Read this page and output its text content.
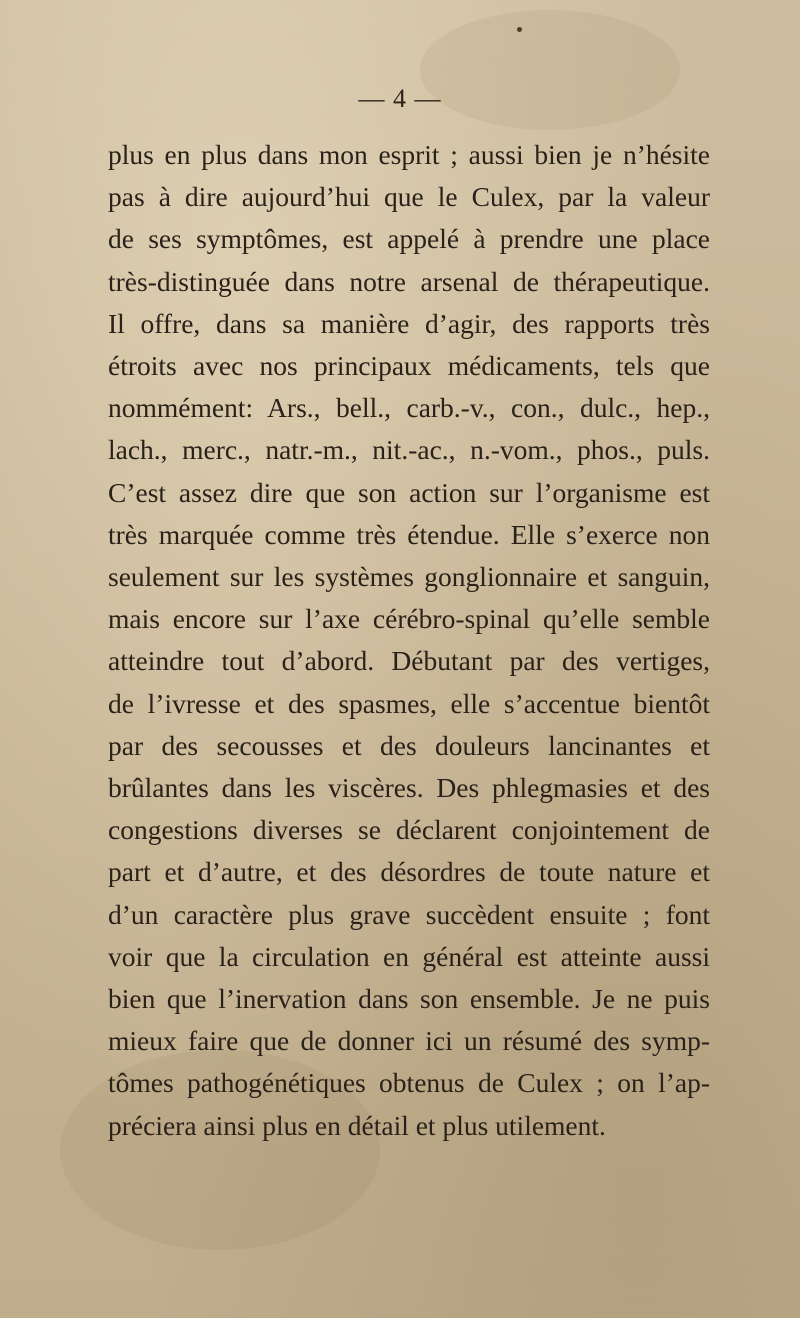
— 4 —
plus en plus dans mon esprit ; aussi bien je n’hésite
pas à dire aujourd’hui que le Culex, par la valeur
de ses symptômes, est appelé à prendre une place
très-distinguée dans notre arsenal de thérapeutique.
Il offre, dans sa manière d’agir, des rapports très
étroits avec nos principaux médicaments, tels que
nommément: Ars., bell., carb.-v., con., dulc., hep.,
lach., merc., natr.-m., nit.-ac., n.-vom., phos., puls.
C’est assez dire que son action sur l’organisme est
très marquée comme très étendue. Elle s’exerce non
seulement sur les systèmes gonglionnaire et sanguin,
mais encore sur l’axe cérébro-spinal qu’elle semble
atteindre tout d’abord. Débutant par des vertiges,
de l’ivresse et des spasmes, elle s’accentue bientôt
par des secousses et des douleurs lancinantes et
brûlantes dans les viscères. Des phlegmasies et des
congestions diverses se déclarent conjointement de
part et d’autre, et des désordres de toute nature et
d’un caractère plus grave succèdent ensuite ; font
voir que la circulation en général est atteinte aussi
bien que l’inervation dans son ensemble. Je ne puis
mieux faire que de donner ici un résumé des symp-
tômes pathogénétiques obtenus de Culex ; on l’ap-
préciera ainsi plus en détail et plus utilement.
